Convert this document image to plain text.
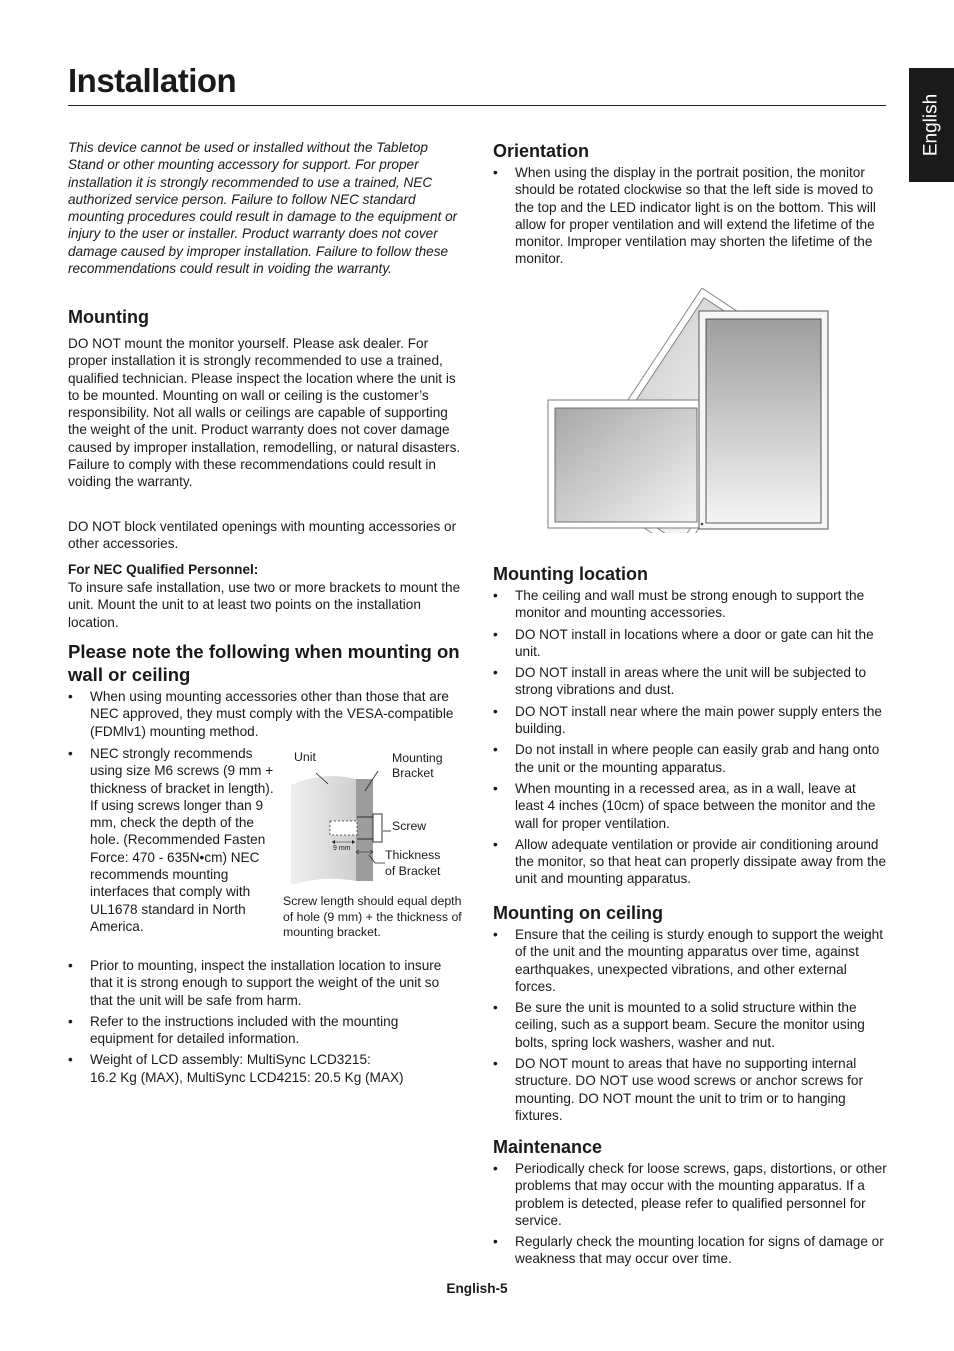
Installation
English

This device cannot be used or installed without the Tabletop Stand or other mounting accessory for support. For proper installation it is strongly recommended to use a trained, NEC authorized service person. Failure to follow NEC standard mounting procedures could result in damage to the equipment or injury to the user or installer. Product warranty does not cover damage caused by improper installation. Failure to follow these recommendations could result in voiding the warranty.

Mounting

DO NOT mount the monitor yourself. Please ask dealer. For proper installation it is strongly recommended to use a trained, qualified technician. Please inspect the location where the unit is to be mounted. Mounting on wall or ceiling is the customer’s responsibility. Not all walls or ceilings are capable of supporting the weight of the unit. Product warranty does not cover damage caused by improper installation, remodelling, or natural disasters. Failure to comply with these recommendations could result in voiding the warranty.

DO NOT block ventilated openings with mounting accessories or other accessories.

For NEC Qualified Personnel:

To insure safe installation, use two or more brackets to mount the unit. Mount the unit to at least two points on the installation location.

Please note the following when mounting on wall or ceiling
• When using mounting accessories other than those that are NEC approved, they must comply with the VESA-compatible (FDMlv1) mounting method.
• NEC strongly recommends using size M6 screws (9 mm + thickness of bracket in length). If using screws longer than 9 mm, check the depth of the hole. (Recommended Fasten Force: 470 - 635N•cm) NEC recommends mounting interfaces that comply with UL1678 standard in North America.
Unit	Mounting
Bracket
Screw
Thickness
of Bracket
9 mm

Screw length should equal depth of hole (9 mm) + the thickness of mounting bracket.

• Prior to mounting, inspect the installation location to insure that it is strong enough to support the weight of the unit so that the unit will be safe from harm.
• Refer to the instructions included with the mounting equipment for detailed information.
• Weight of LCD assembly: MultiSync LCD3215:
16.2 Kg (MAX), MultiSync LCD4215: 20.5 Kg (MAX)
Orientation
• When using the display in the portrait position, the monitor should be rotated clockwise so that the left side is moved to the top and the LED indicator light is on the bottom. This will allow for proper ventilation and will extend the lifetime of the monitor. Improper ventilation may shorten the lifetime of the monitor.
Mounting location
• The ceiling and wall must be strong enough to support the monitor and mounting accessories.
• DO NOT install in locations where a door or gate can hit the unit.
• DO NOT install in areas where the unit will be subjected to strong vibrations and dust.
• DO NOT install near where the main power supply enters the building.
• Do not install in where people can easily grab and hang onto the unit or the mounting apparatus.
• When mounting in a recessed area, as in a wall, leave at least 4 inches (10cm) of space between the monitor and the wall for proper ventilation.
• Allow adequate ventilation or provide air conditioning around the monitor, so that heat can properly dissipate away from the unit and mounting apparatus.
Mounting on ceiling
• Ensure that the ceiling is sturdy enough to support the weight of the unit and the mounting apparatus over time, against earthquakes, unexpected vibrations, and other external forces.
• Be sure the unit is mounted to a solid structure within the ceiling, such as a support beam. Secure the monitor using bolts, spring lock washers, washer and nut.
• DO NOT mount to areas that have no supporting internal structure. DO NOT use wood screws or anchor screws for mounting. DO NOT mount the unit to trim or to hanging fixtures.
Maintenance
• Periodically check for loose screws, gaps, distortions, or other problems that may occur with the mounting apparatus. If a problem is detected, please refer to qualified personnel for service.
• Regularly check the mounting location for signs of damage or weakness that may occur over time.
English-5
